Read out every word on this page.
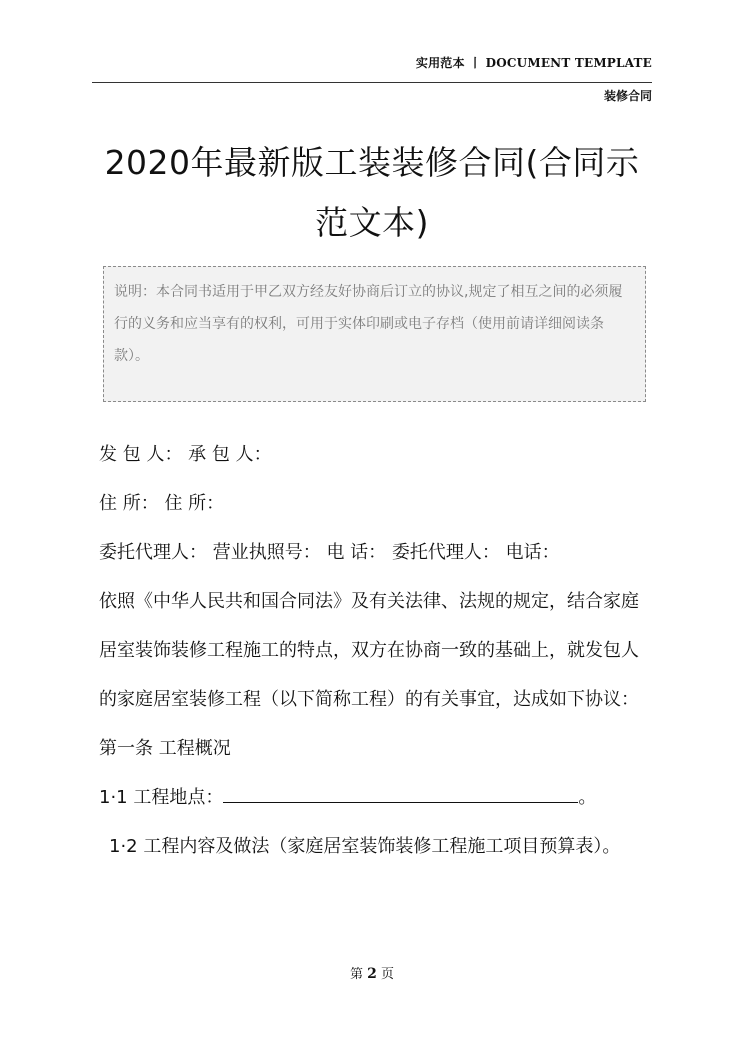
实用范本 丨 DOCUMENT TEMPLATE
装修合同
2020年最新版工装装修合同(合同示范文本)

说明：本合同书适用于甲乙双方经友好协商后订立的协议,规定了相互之间的必须履行的义务和应当享有的权利，可用于实体印刷或电子存档（使用前请详细阅读条款）。

发 包 人： 承 包 人：

住 所： 住 所：

委托代理人： 营业执照号： 电 话： 委托代理人： 电话：

依照《中华人民共和国合同法》及有关法律、法规的规定，结合家庭居室装饰装修工程施工的特点，双方在协商一致的基础上，就发包人的家庭居室装修工程（以下简称工程）的有关事宜，达成如下协议：

第一条 工程概况

1·1 工程地点：	。

1·2 工程内容及做法（家庭居室装饰装修工程施工项目预算表）。

第 2 页
